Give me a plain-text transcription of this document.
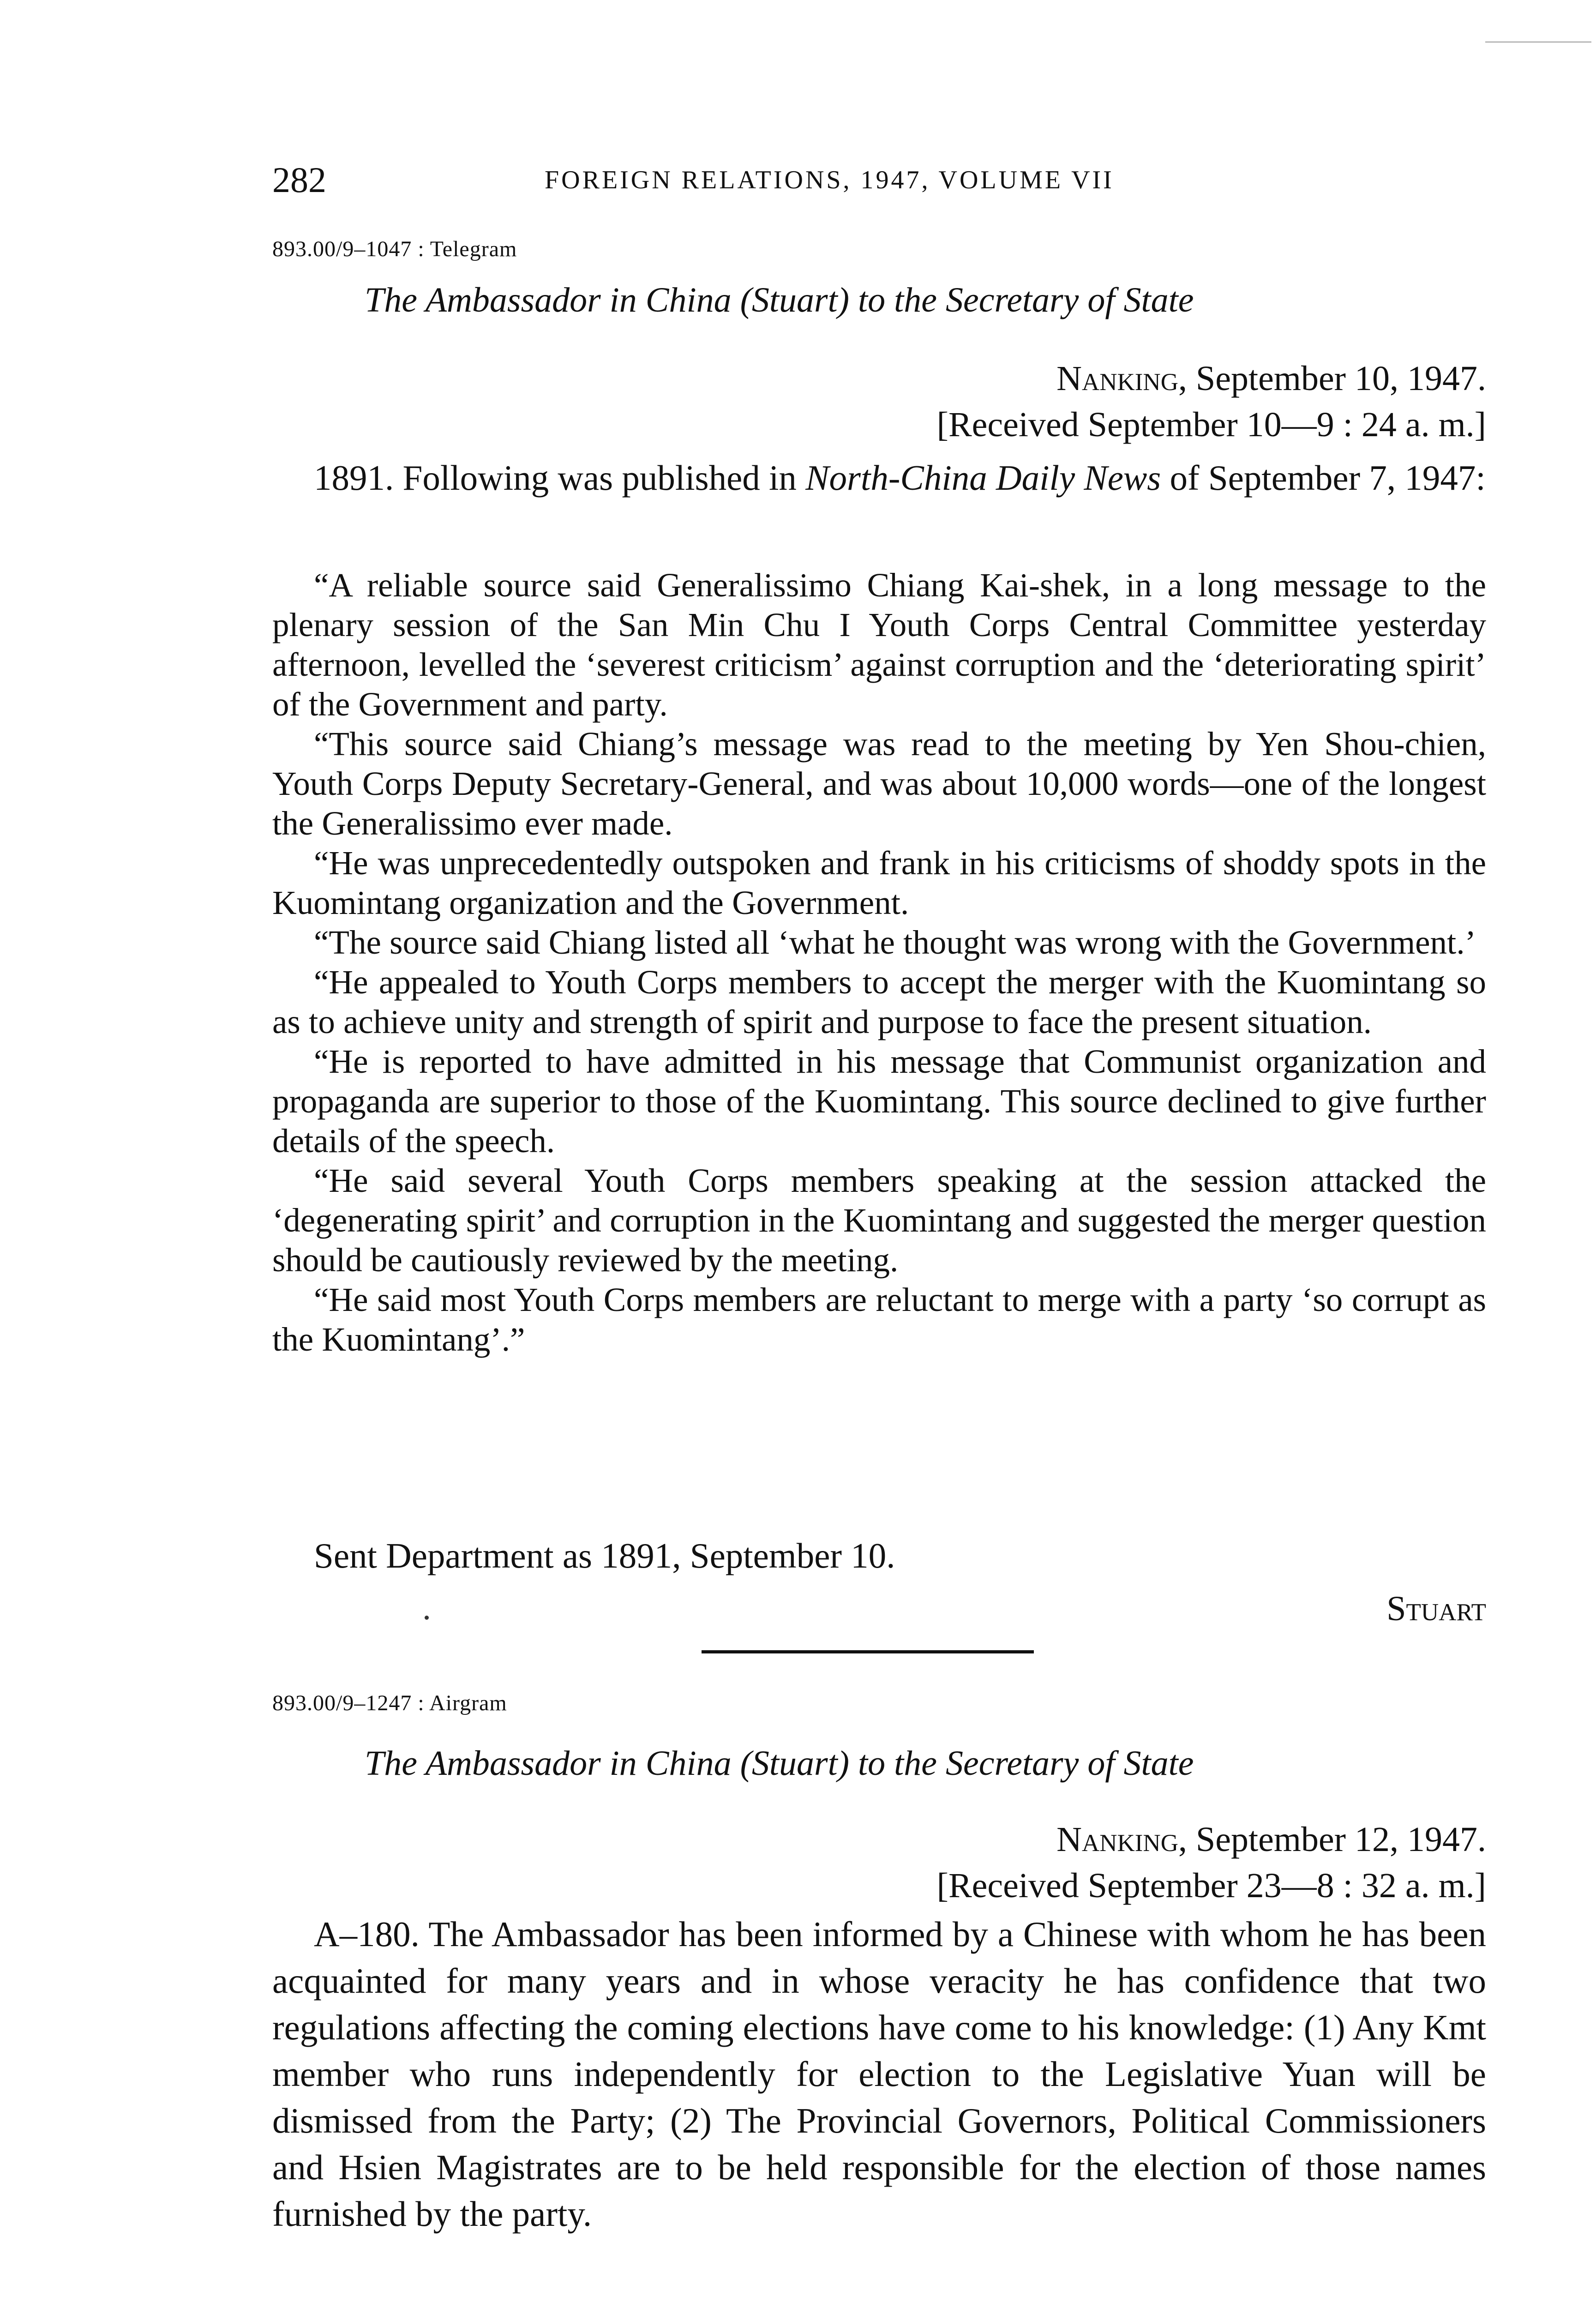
282	FOREIGN RELATIONS, 1947, VOLUME VII
893.00/9–1047 : Telegram
The Ambassador in China (Stuart) to the Secretary of State
Nanking, September 10, 1947.
[Received September 10—9 : 24 a. m.]

1891. Following was published in North-China Daily News of September 7, 1947:

“A reliable source said Generalissimo Chiang Kai-shek, in a long message to the plenary session of the San Min Chu I Youth Corps Central Committee yesterday afternoon, levelled the ‘severest criticism’ against corruption and the ‘deteriorating spirit’ of the Government and party.

“This source said Chiang’s message was read to the meeting by Yen Shou-chien, Youth Corps Deputy Secretary-General, and was about 10,000 words—one of the longest the Generalissimo ever made.

“He was unprecedentedly outspoken and frank in his criticisms of shoddy spots in the Kuomintang organization and the Government.

“The source said Chiang listed all ‘what he thought was wrong with the Government.’

“He appealed to Youth Corps members to accept the merger with the Kuomintang so as to achieve unity and strength of spirit and purpose to face the present situation.

“He is reported to have admitted in his message that Communist organization and propaganda are superior to those of the Kuomintang. This source declined to give further details of the speech.

“He said several Youth Corps members speaking at the session attacked the ‘degenerating spirit’ and corruption in the Kuomintang and suggested the merger question should be cautiously reviewed by the meeting.

“He said most Youth Corps members are reluctant to merge with a party ‘so corrupt as the Kuomintang’.”

Sent Department as 1891, September 10.
Stuart
893.00/9–1247 : Airgram
The Ambassador in China (Stuart) to the Secretary of State
Nanking, September 12, 1947.
[Received September 23—8 : 32 a. m.]

A–180. The Ambassador has been informed by a Chinese with whom he has been acquainted for many years and in whose veracity he has confidence that two regulations affecting the coming elections have come to his knowledge: (1) Any Kmt member who runs independently for election to the Legislative Yuan will be dismissed from the Party; (2) The Provincial Governors, Political Commissioners and Hsien Magistrates are to be held responsible for the election of those names furnished by the party.
